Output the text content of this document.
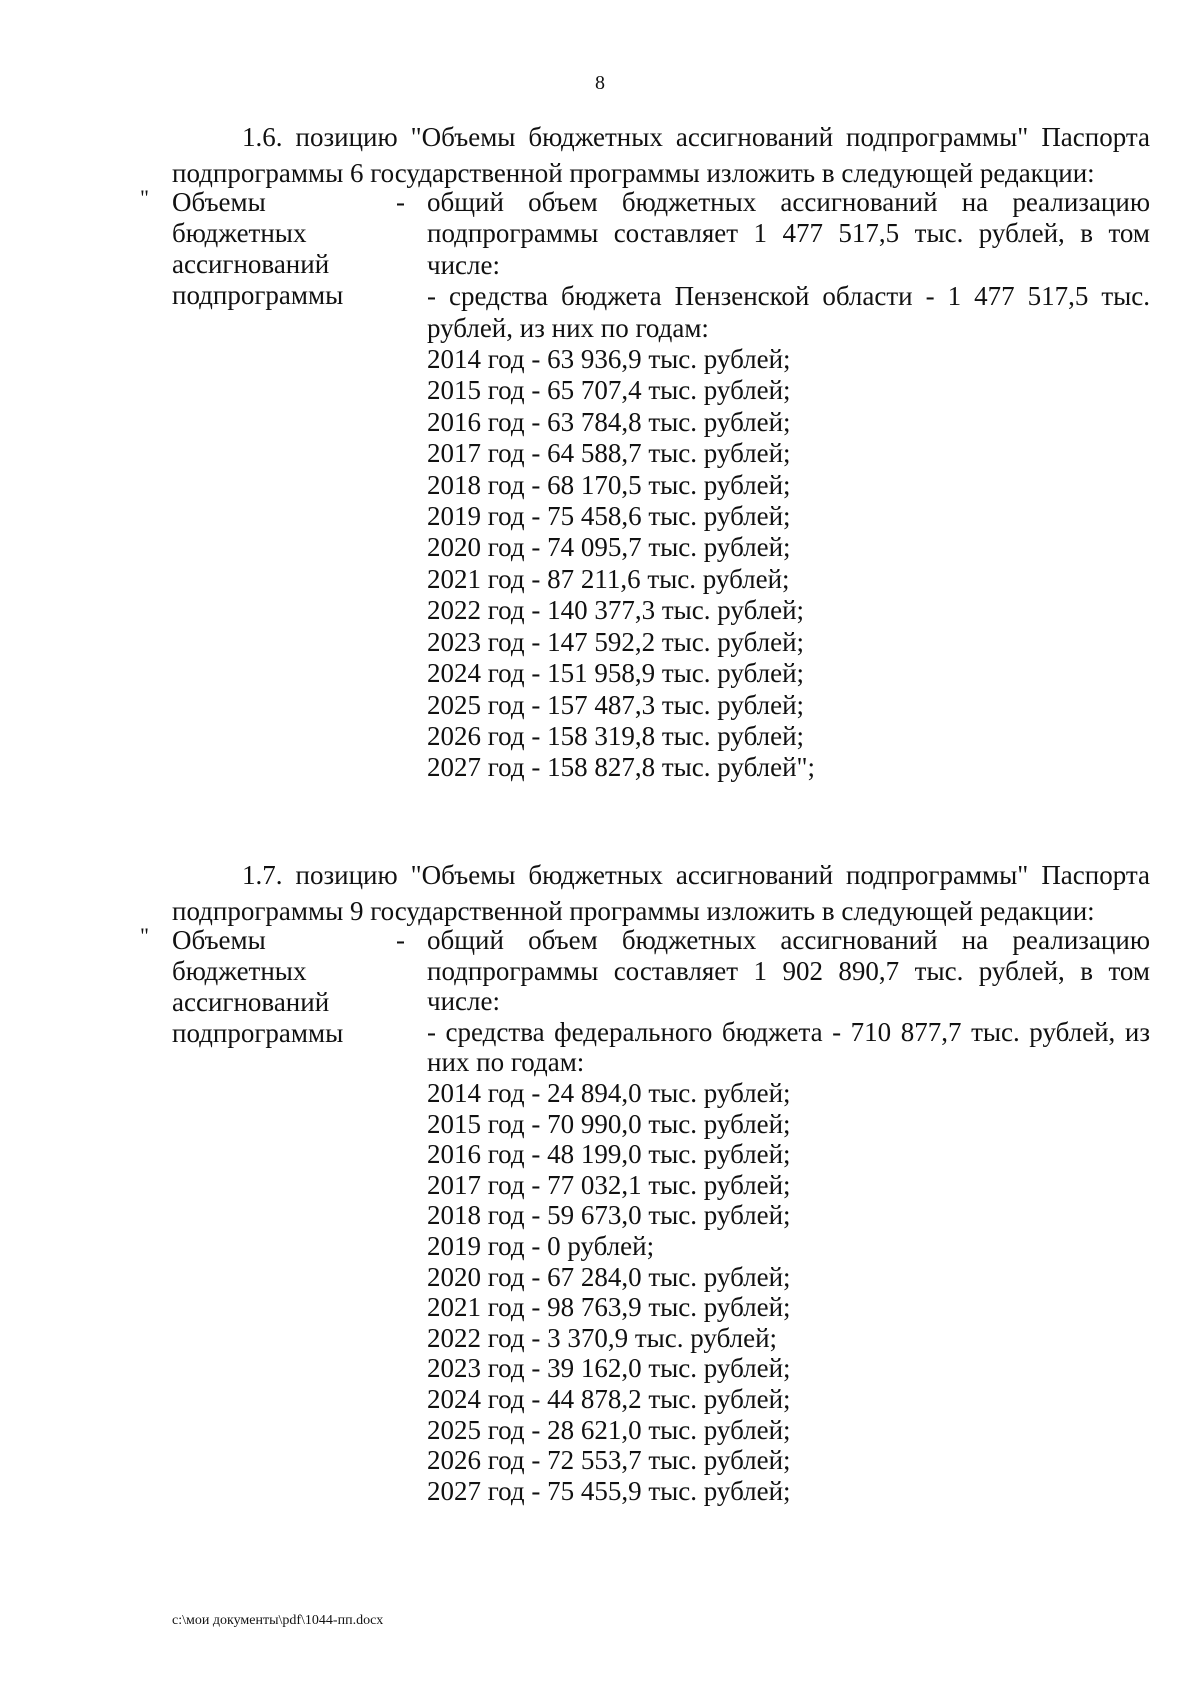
8
1.6. позицию "Объемы бюджетных ассигнований подпрограммы" Паспорта подпрограммы 6 государственной программы изложить в следующей редакции:
" Объемы
бюджетных
ассигнований
подпрограммы
- общий объем бюджетных ассигнований на реализацию подпрограммы составляет 1 477 517,5 тыс. рублей, в том числе:
- средства бюджета Пензенской области - 1 477 517,5 тыс. рублей, из них по годам:
2014 год - 63 936,9 тыс. рублей;
2015 год - 65 707,4 тыс. рублей;
2016 год - 63 784,8 тыс. рублей;
2017 год - 64 588,7 тыс. рублей;
2018 год - 68 170,5 тыс. рублей;
2019 год - 75 458,6 тыс. рублей;
2020 год - 74 095,7 тыс. рублей;
2021 год - 87 211,6 тыс. рублей;
2022 год - 140 377,3 тыс. рублей;
2023 год - 147 592,2 тыс. рублей;
2024 год - 151 958,9 тыс. рублей;
2025 год - 157 487,3 тыс. рублей;
2026 год - 158 319,8 тыс. рублей;
2027 год - 158 827,8 тыс. рублей";
1.7. позицию "Объемы бюджетных ассигнований подпрограммы" Паспорта подпрограммы 9 государственной программы изложить в следующей редакции:
" Объемы
бюджетных
ассигнований
подпрограммы
- общий объем бюджетных ассигнований на реализацию подпрограммы составляет 1 902 890,7 тыс. рублей, в том числе:
- средства федерального бюджета - 710 877,7 тыс. рублей, из них по годам:
2014 год - 24 894,0 тыс. рублей;
2015 год - 70 990,0 тыс. рублей;
2016 год - 48 199,0 тыс. рублей;
2017 год - 77 032,1 тыс. рублей;
2018 год - 59 673,0 тыс. рублей;
2019 год - 0 рублей;
2020 год - 67 284,0 тыс. рублей;
2021 год - 98 763,9 тыс. рублей;
2022 год - 3 370,9 тыс. рублей;
2023 год - 39 162,0 тыс. рублей;
2024 год - 44 878,2 тыс. рублей;
2025 год - 28 621,0 тыс. рублей;
2026 год - 72 553,7 тыс. рублей;
2027 год - 75 455,9 тыс. рублей;
c:\мои документы\pdf\1044-пп.docx
